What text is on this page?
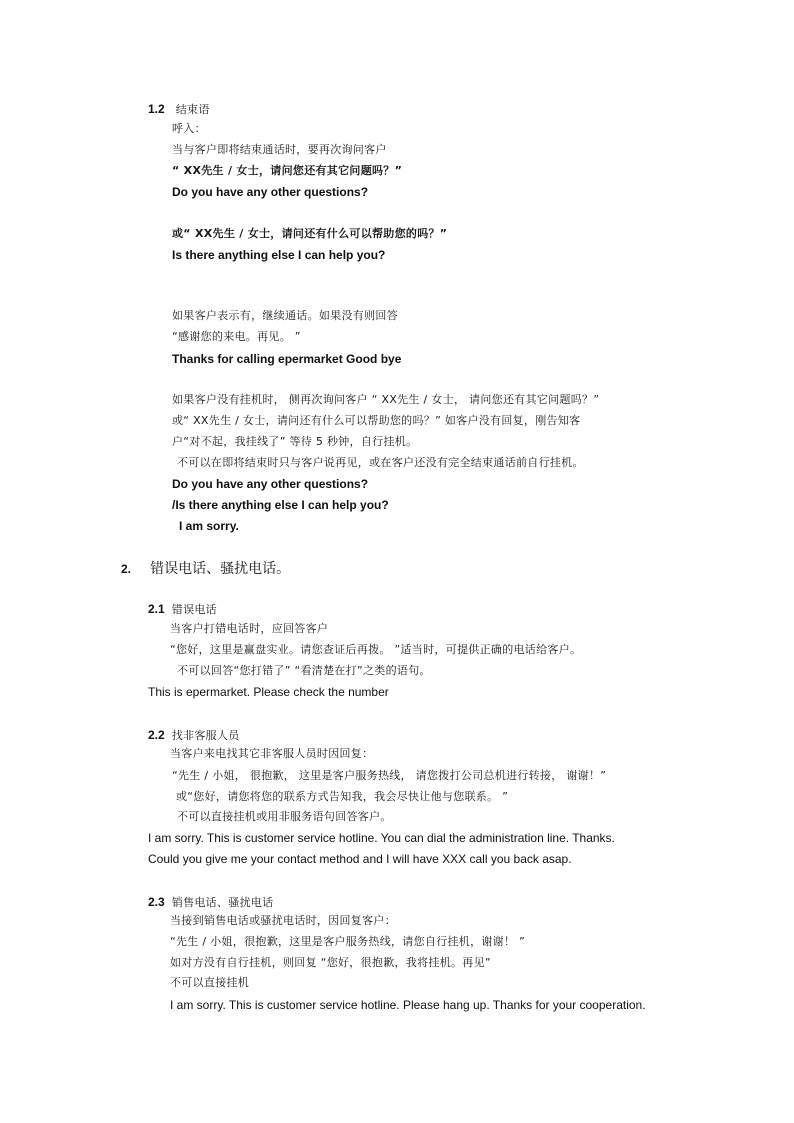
1.2 结束语
呼入：
当与客户即将结束通话时，要再次询问客户
“ XX先生 / 女士，请问您还有其它问题吗？”
Do you have any other questions?
或“ XX先生 / 女士，请问还有什么可以帮助您的吗？”
Is there anything else I can help you?
如果客户表示有，继续通话。如果没有则回答
“感谢您的来电。再见。 ”
Thanks for calling epermarket Good bye
如果客户没有挂机时， 侧再次询问客户 “ XX先生 / 女士， 请问您还有其它问题吗？”
或“ XX先生 / 女士，请问还有什么可以帮助您的吗？” 如客户没有回复，刚告知客
户“对不起，我挂线了” 等待 5 秒钟，自行挂机。
不可以在即将结束时只与客户说再见，或在客户还没有完全结束通话前自行挂机。
Do you have any other questions?
/Is there anything else I can help you?
I am sorry.
2. 错误电话、骚扰电话。
2.1 错误电话
当客户打错电话时，应回答客户
“您好，这里是赢盘实业。请您查证后再拨。 ”适当时，可提供正确的电话给客户。
不可以回答“您打错了” “看清楚在打”之类的语句。
This is epermarket. Please check the number
2.2 找非客服人员
当客户来电找其它非客服人员时因回复：
“先生 / 小姐， 很抱歉， 这里是客户服务热线， 请您拨打公司总机进行转接， 谢谢！”
或“您好，请您将您的联系方式告知我，我会尽快让他与您联系。 ”
不可以直接挂机或用非服务语句回答客户。
I am sorry. This is customer service hotline. You can dial the administration line. Thanks.
Could you give me your contact method and I will have XXX call you back asap.
2.3 销售电话、骚扰电话
当接到销售电话或骚扰电话时，因回复客户：
“先生 / 小姐，很抱歉，这里是客户服务热线，请您自行挂机，谢谢！ ”
如对方没有自行挂机，则回复 “您好，很抱歉，我将挂机。再见”
不可以直接挂机
I am sorry. This is customer service hotline. Please hang up. Thanks for your cooperation.
